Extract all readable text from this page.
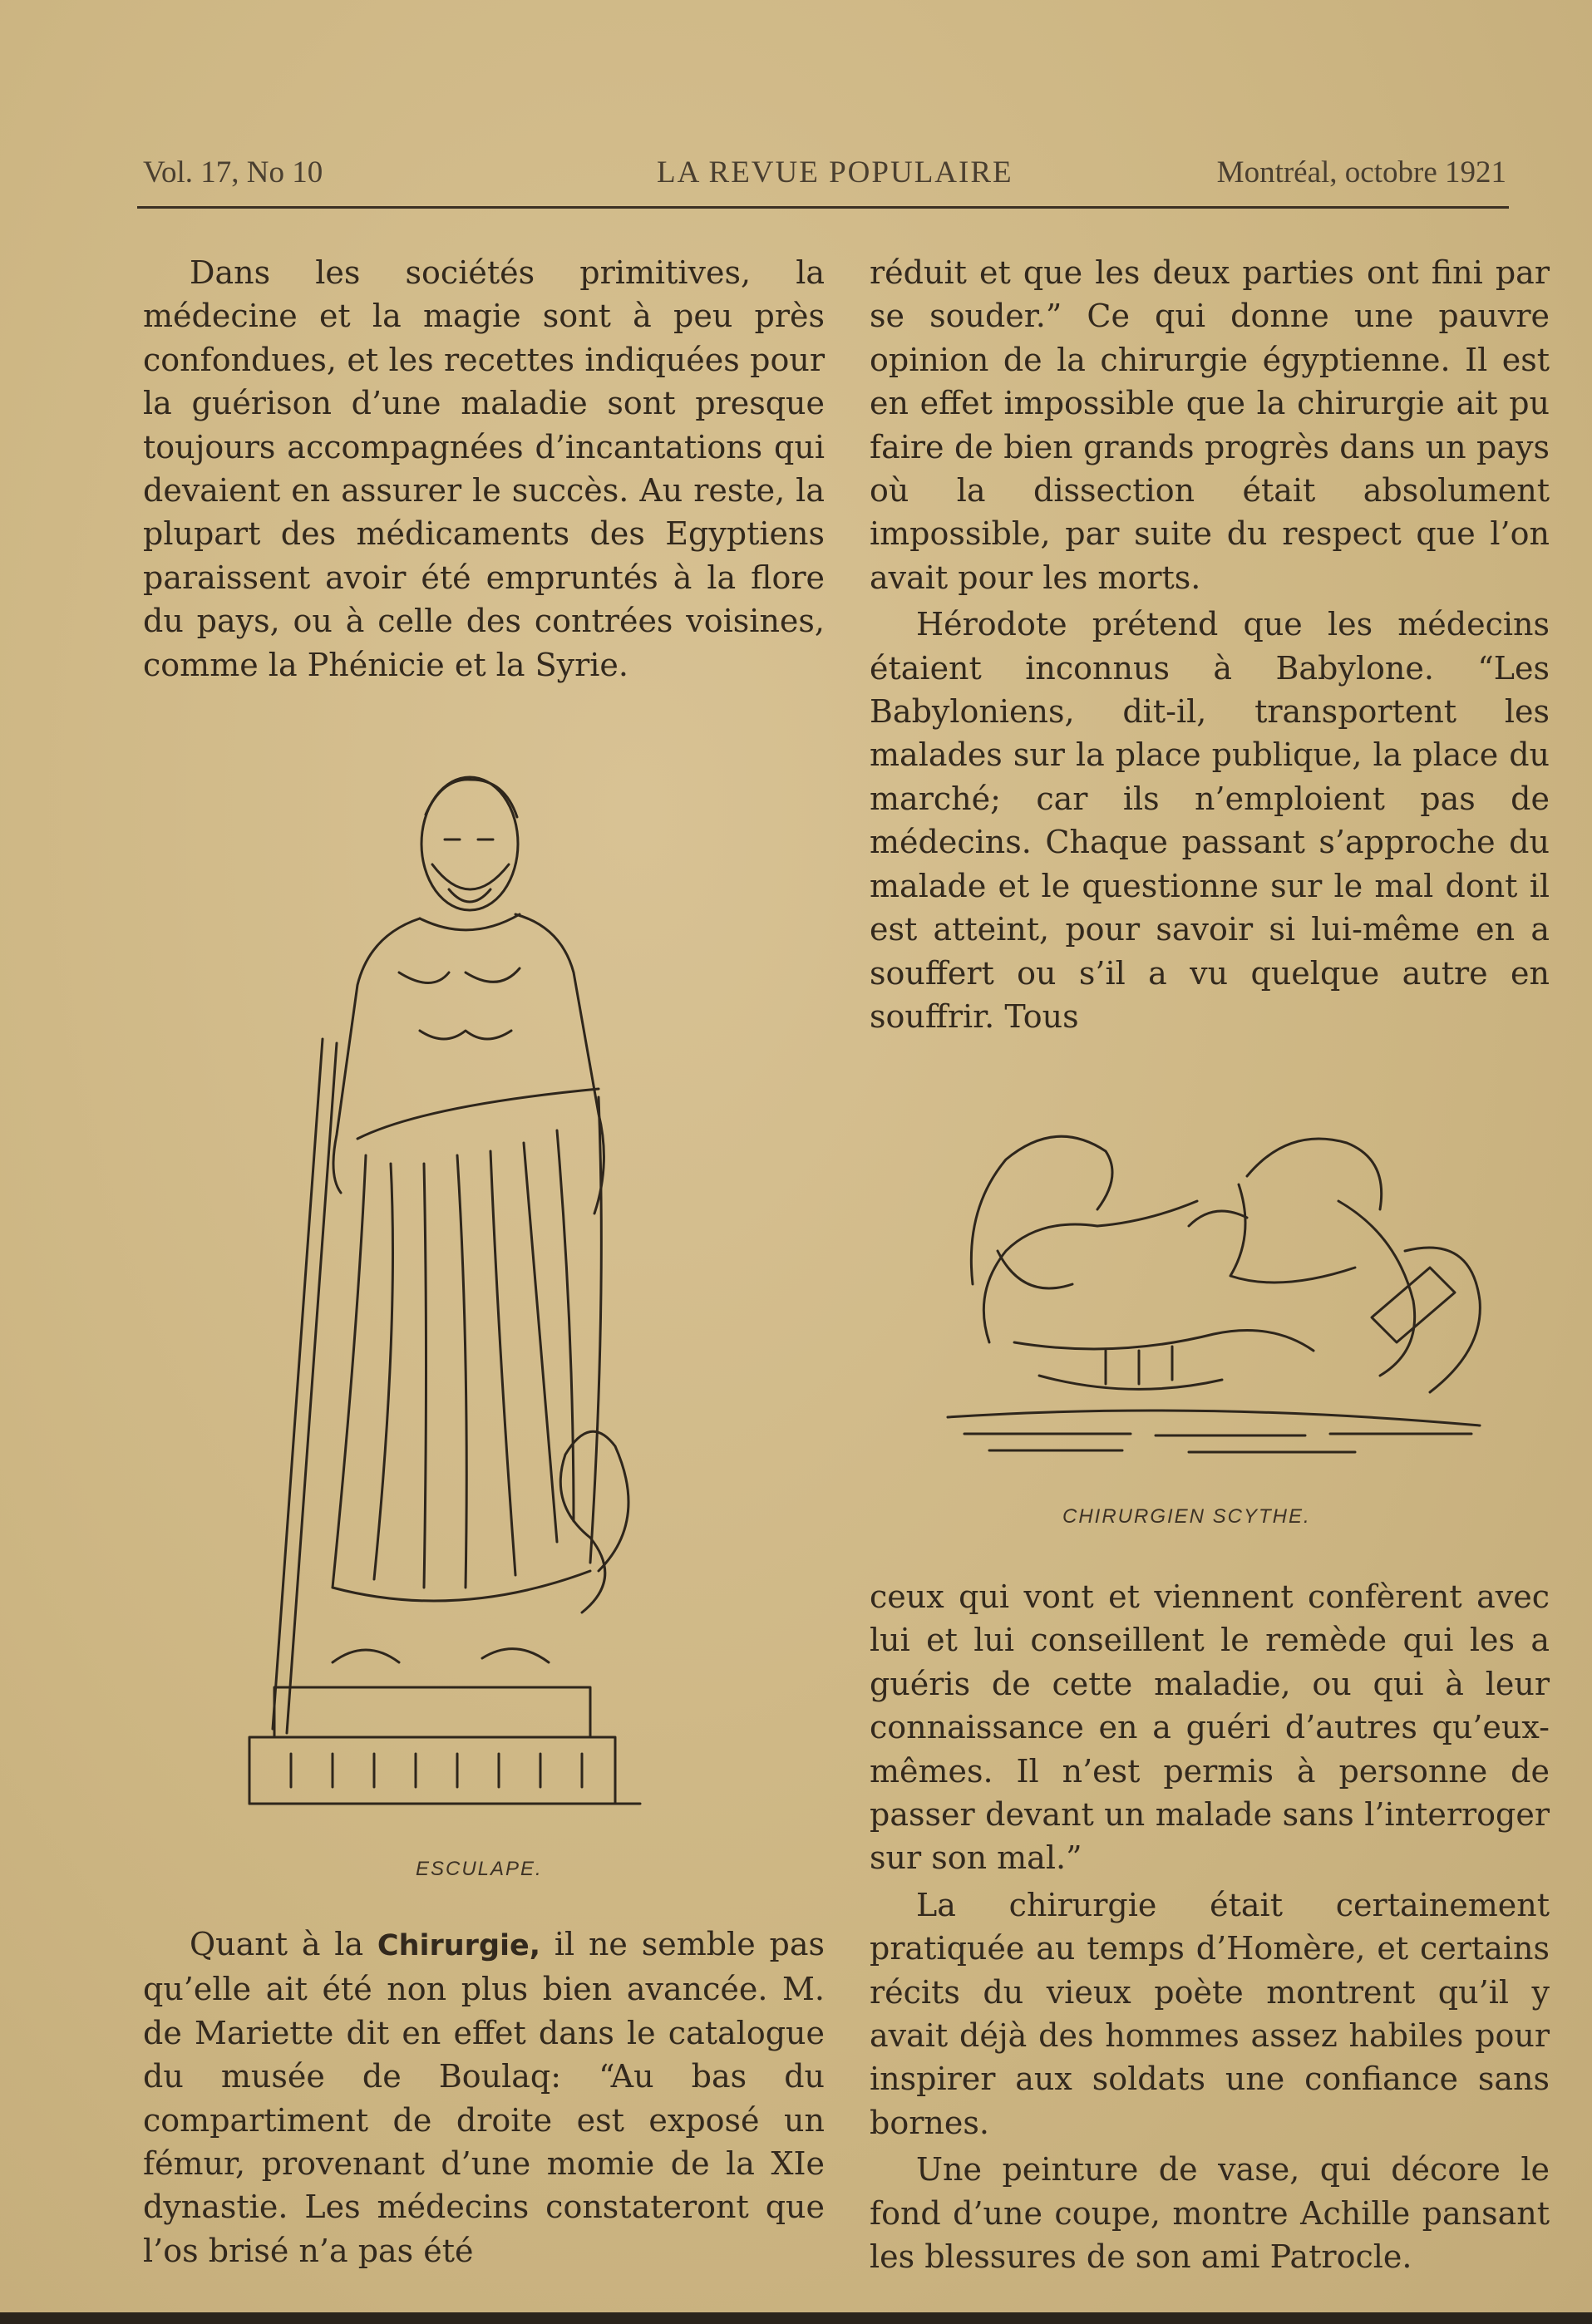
Vol. 17, No 10	LA REVUE POPULAIRE	Montréal, octobre 1921

Dans les sociétés primitives, la médecine et la magie sont à peu près confondues, et les recettes indiquées pour la guérison d’une maladie sont presque toujours accompagnées d’incantations qui devaient en assurer le succès. Au reste, la plupart des médicaments des Egyptiens paraissent avoir été empruntés à la flore du pays, ou à celle des contrées voisines, comme la Phénicie et la Syrie.

ESCULAPE.

Quant à la Chirurgie, il ne semble pas qu’elle ait été non plus bien avancée. M. de Mariette dit en effet dans le catalogue du musée de Boulaq: “Au bas du compartiment de droite est exposé un fémur, provenant d’une momie de la XIe dynastie. Les médecins constateront que l’os brisé n’a pas été

réduit et que les deux parties ont fini par se souder.” Ce qui donne une pauvre opinion de la chirurgie égyptienne. Il est en effet impossible que la chirurgie ait pu faire de bien grands progrès dans un pays où la dissection était absolument impossible, par suite du respect que l’on avait pour les morts.

Hérodote prétend que les médecins étaient inconnus à Babylone. “Les Babyloniens, dit-il, transportent les malades sur la place publique, la place du marché; car ils n’emploient pas de médecins. Chaque passant s’approche du malade et le questionne sur le mal dont il est atteint, pour savoir si lui-même en a souffert ou s’il a vu quelque autre en souffrir. Tous

CHIRURGIEN SCYTHE.

ceux qui vont et viennent confèrent avec lui et lui conseillent le remède qui les a guéris de cette maladie, ou qui à leur connaissance en a guéri d’autres qu’eux-mêmes. Il n’est permis à personne de passer devant un malade sans l’interroger sur son mal.”

La chirurgie était certainement pratiquée au temps d’Homère, et certains récits du vieux poète montrent qu’il y avait déjà des hommes assez habiles pour inspirer aux soldats une confiance sans bornes.

Une peinture de vase, qui décore le fond d’une coupe, montre Achille pansant les blessures de son ami Patrocle.
